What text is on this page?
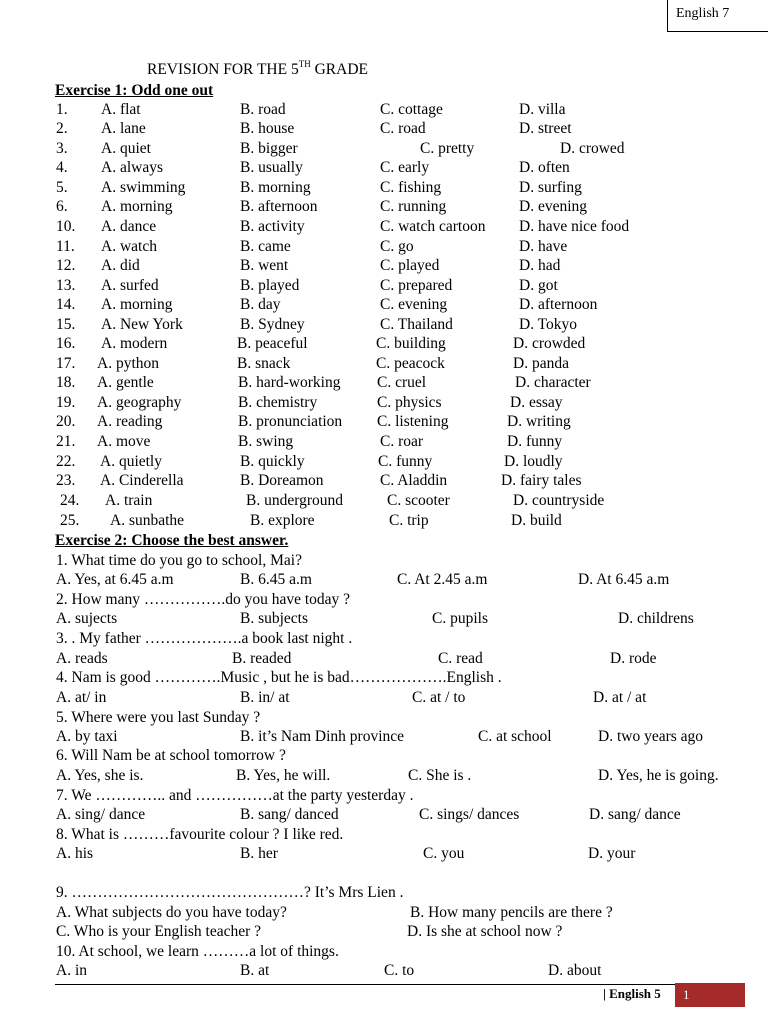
English 7
REVISION FOR THE 5TH GRADE
Exercise 1: Odd one out
1. A. flat	B. road	C. cottage	D. villa
2. A. lane	B. house	C. road	D. street
3. A. quiet	B. bigger	C. pretty	D. crowed
4. A. always	B. usually	C. early	D. often
5. A. swimming	B. morning	C. fishing	D. surfing
6. A. morning	B. afternoon	C. running	D. evening
10. A. dance	B. activity	C. watch cartoon D. have nice food
11. A. watch	B. came	C. go	D. have
12. A. did	B. went	C. played	D. had
13. A. surfed	B. played	C. prepared	D. got
14. A. morning	B. day	C. evening	D. afternoon
15. A. New York	B. Sydney	C. Thailand	D. Tokyo
16. A. modern	B. peaceful	C. building	D. crowded
17. A. python	B. snack	C. peacock	D. panda
18. A. gentle	B. hard-working C. cruel	D. character
19. A. geography	B. chemistry	C. physics	D. essay
20. A. reading	B. pronunciation C. listening	D. writing
21. A. move	B. swing	C. roar	D. funny
22. A. quietly	B. quickly	C. funny	D. loudly
23. A. Cinderella	B. Doreamon	C. Aladdin	D. fairy tales
24. A. train	B. underground	C. scooter	D. countryside
25. A. sunbathe	B. explore	C. trip	D. build
Exercise 2: Choose the best answer.
1. What time do you go to school, Mai?
A. Yes, at 6.45 a.m	B. 6.45 a.m	C. At 2.45 a.m	D. At 6.45 a.m
2. How many …………….do you have today ?
A. sujects	B. subjects	C. pupils	D. childrens
3. . My father ……………….a book last night .
A. reads	B. readed	C. read	D. rode
4. Nam is good ………….Music , but he is bad……………….English .
A. at/ in	B. in/ at	C. at / to	D. at / at
5. Where were you last Sunday ?
A. by taxi	B. it’s Nam Dinh province	C. at school	D. two years ago
6. Will Nam be at school tomorrow ?
A. Yes, she is.	B. Yes, he will.	C. She is .	D. Yes, he is going.
7. We ………….. and ……………at the party yesterday .
A. sing/ dance	B. sang/ danced	C. sings/ dances	D. sang/ dance
8. What is ………favourite colour ? I like red.
A. his	B. her	C. you	D. your
9. ………………………………………? It’s Mrs Lien .
A. What subjects do you have today?	B. How many pencils are there ?
C. Who is your English teacher ?	D. Is she at school now ?
10. At school, we learn ………a lot of things.
A. in	B. at	C. to	D. about
| English 5	1
